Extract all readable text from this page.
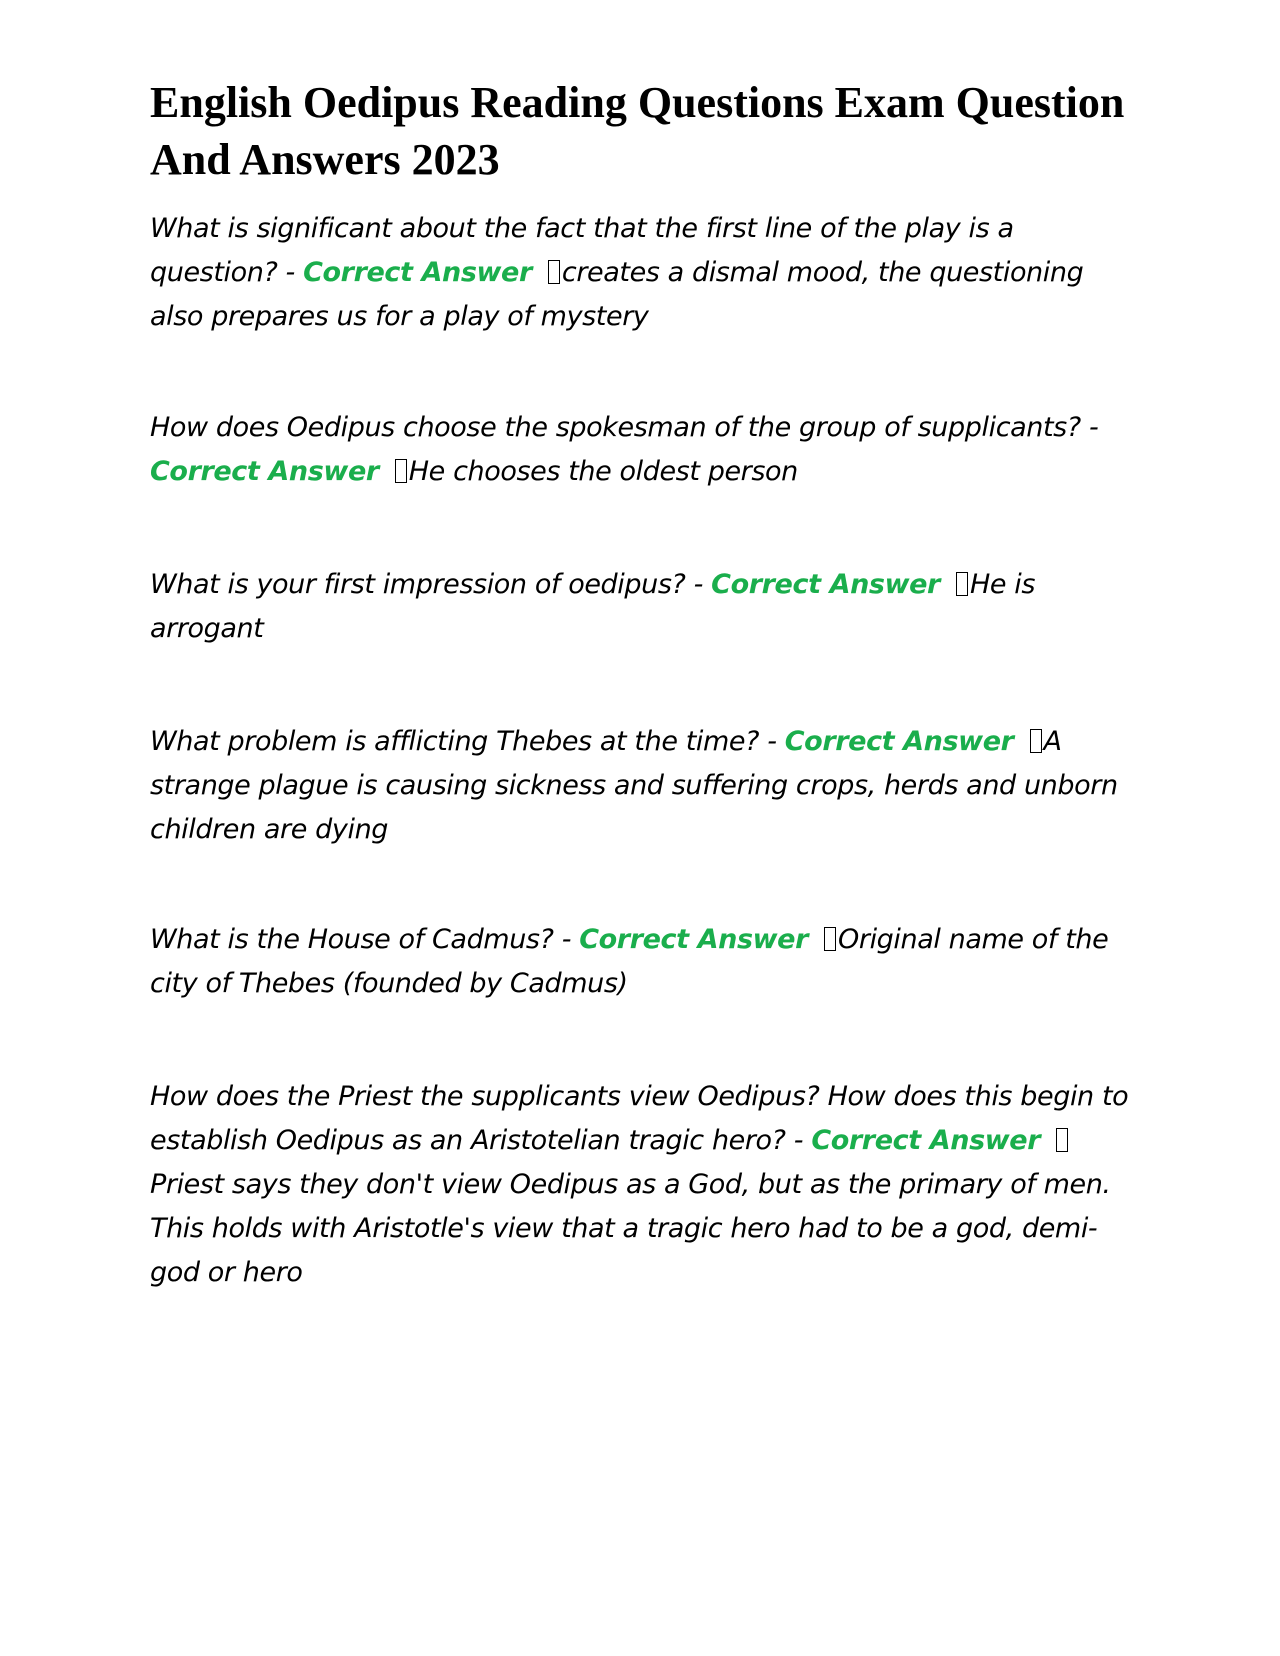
English Oedipus Reading Questions Exam Question And Answers 2023

What is significant about the fact that the first line of the play is a question? - Correct Answer creates a dismal mood, the questioning also prepares us for a play of mystery

How does Oedipus choose the spokesman of the group of supplicants? - Correct Answer He chooses the oldest person

What is your first impression of oedipus? - Correct Answer He is arrogant

What problem is afflicting Thebes at the time? - Correct Answer A strange plague is causing sickness and suffering crops, herds and unborn children are dying

What is the House of Cadmus? - Correct Answer Original name of the city of Thebes (founded by Cadmus)

How does the Priest the supplicants view Oedipus? How does this begin to establish Oedipus as an Aristotelian tragic hero? - Correct AnswerPriest says they don't view Oedipus as a God, but as the primary of men. This holds with Aristotle's view that a tragic hero had to be a god, demi-god or hero
